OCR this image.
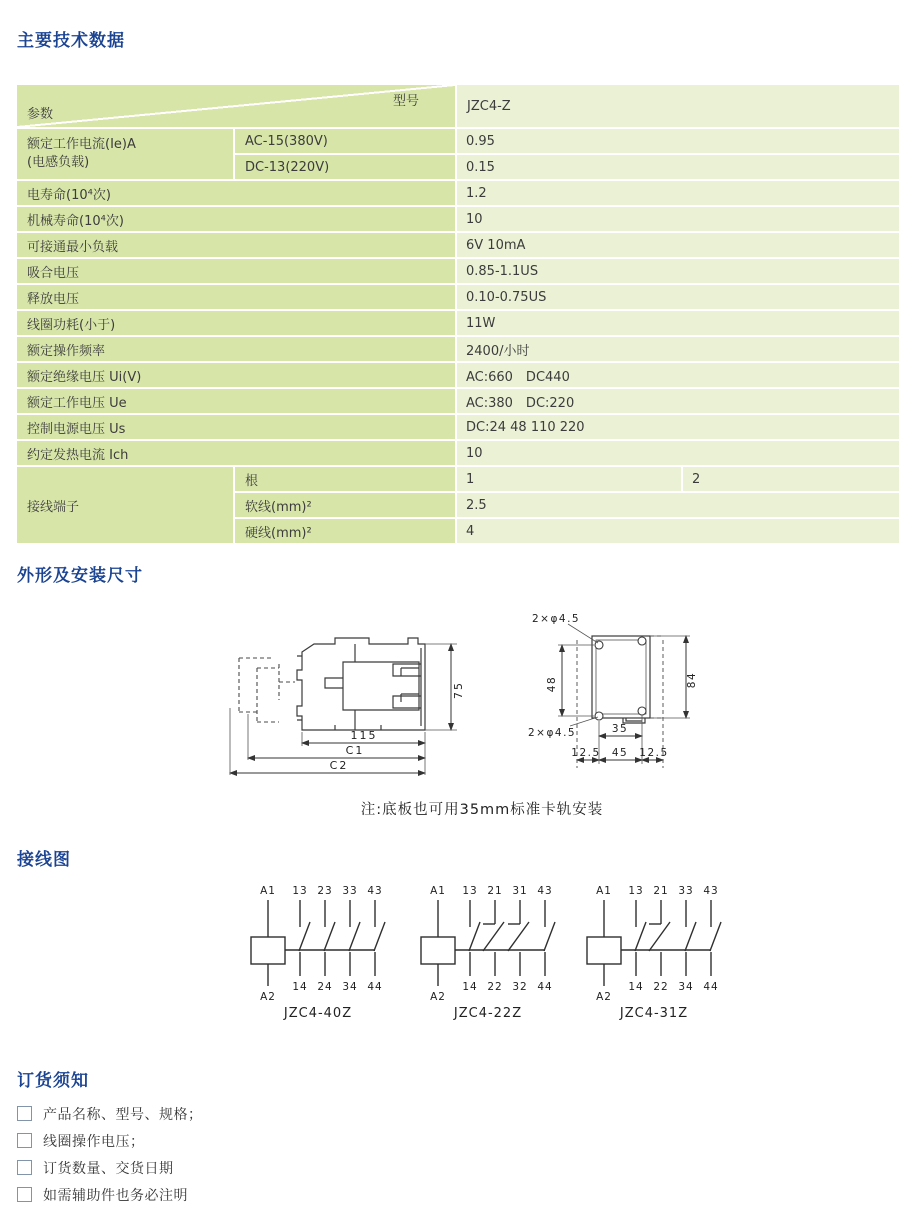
主要技术数据
型号
参数		JZC4-Z	
额定工作电流(Ie)A
(电感负载)	AC-15(380V)	0.95	
	DC-13(220V)	0.15	
电寿命(10⁴次)		1.2	
机械寿命(10⁴次)		10	
可接通最小负载		6V 10mA	
吸合电压		0.85-1.1US	
释放电压		0.10-0.75US	
线圈功耗(小于)		11W	
额定操作频率		2400/小时	
额定绝缘电压 Ui(V)		AC:660　DC440	
额定工作电压 Ue		AC:380　DC:220	
控制电源电压 Us		DC:24 48 110 220	
约定发热电流 Ich		10	
接线端子	根	1	2
	软线(mm)²	2.5	
	硬线(mm)²	4	
外形及安装尺寸
115
C1
C2
75
2×φ4.5
2×φ4.5
48	84
35
45
12.5	12.5
注:底板也可用35mm标准卡轨安装
接线图
A1
A2
13
14
23
24
33
34
43
44
JZC4-40Z
A1
A2
13
14
21
22
31
32
43
44
JZC4-22Z
A1
A2
13
14
21
22
33
34
43
44
JZC4-31Z
订货须知
产品名称、型号、规格；
线圈操作电压；
订货数量、交货日期
如需辅助件也务必注明
